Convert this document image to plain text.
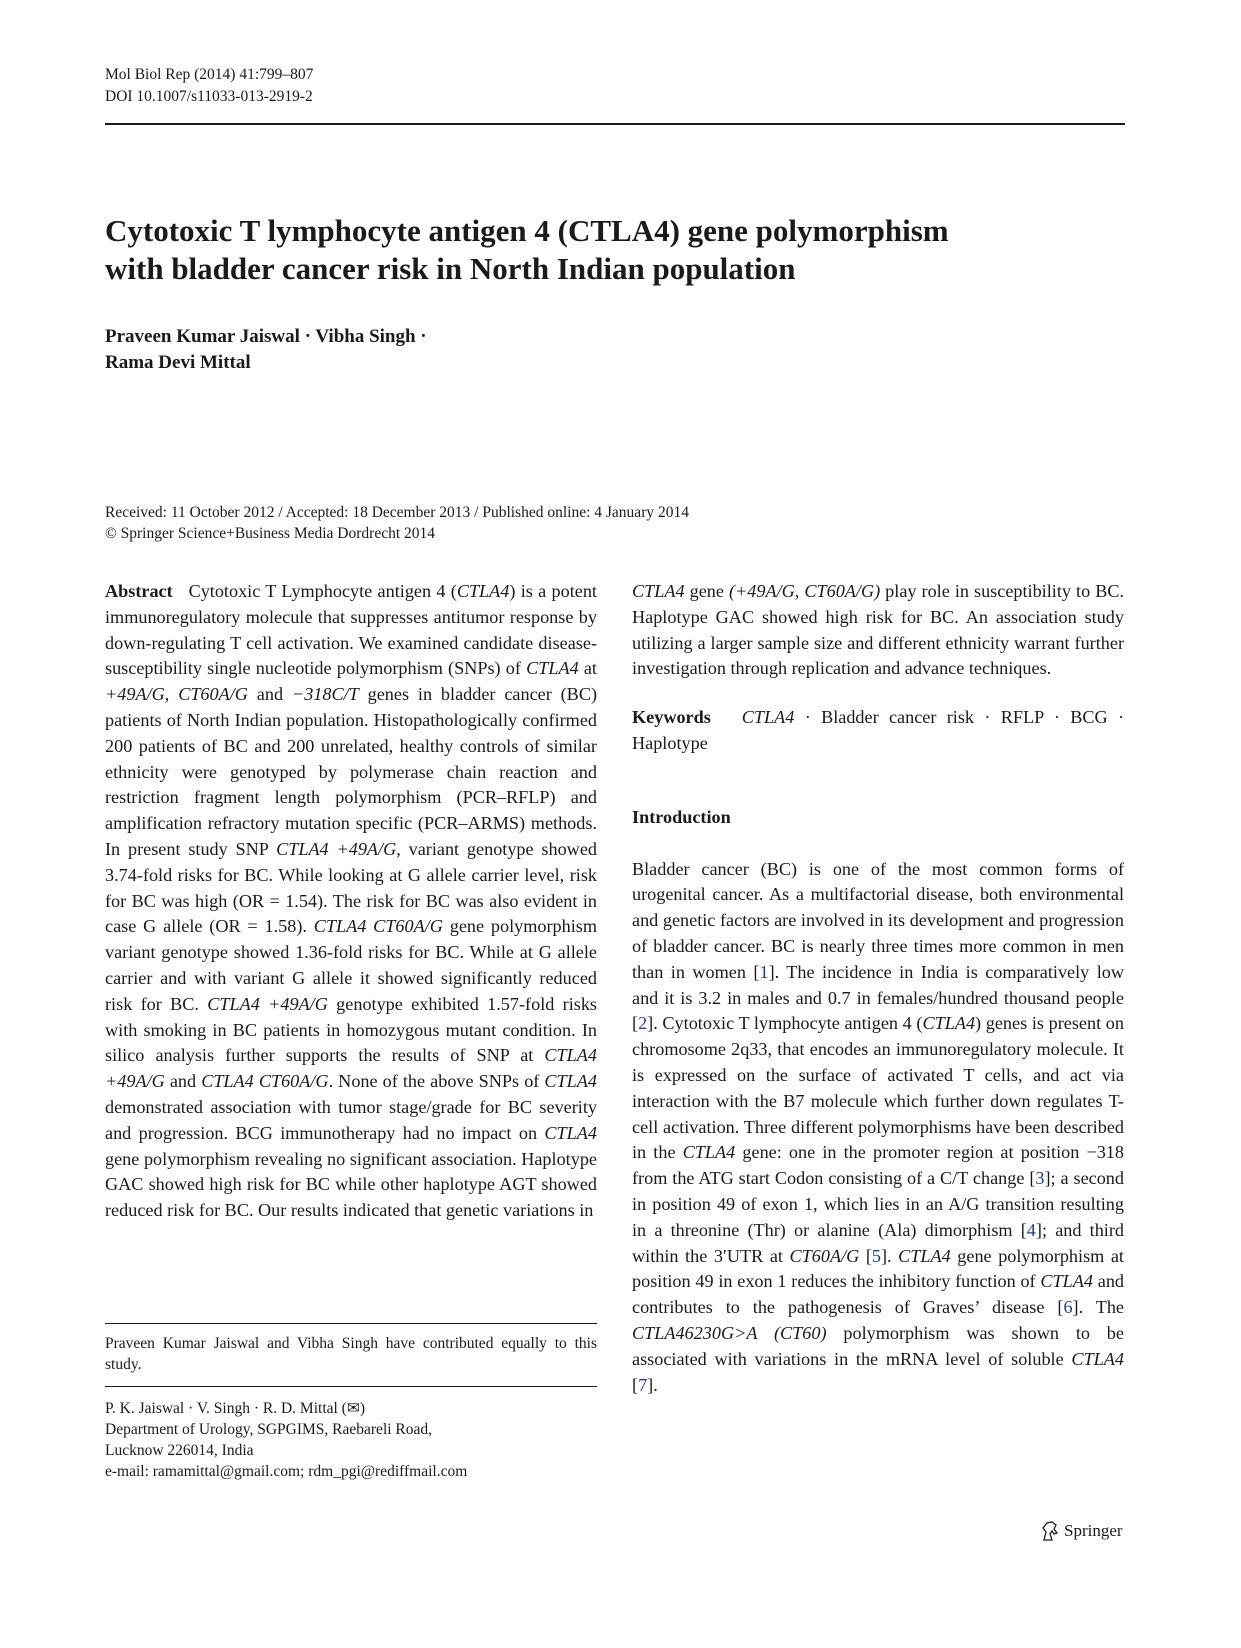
Mol Biol Rep (2014) 41:799–807
DOI 10.1007/s11033-013-2919-2
Cytotoxic T lymphocyte antigen 4 (CTLA4) gene polymorphism
with bladder cancer risk in North Indian population
Praveen Kumar Jaiswal · Vibha Singh ·
Rama Devi Mittal
Received: 11 October 2012 / Accepted: 18 December 2013 / Published online: 4 January 2014
© Springer Science+Business Media Dordrecht 2014

Abstract Cytotoxic T Lymphocyte antigen 4 (CTLA4) is a potent immunoregulatory molecule that suppresses antitumor response by down-regulating T cell activation. We examined candidate disease-susceptibility single nucleotide polymorphism (SNPs) of CTLA4 at +49A/G, CT60A/G and −318C/T genes in bladder cancer (BC) patients of North Indian population. Histopathologically confirmed 200 patients of BC and 200 unrelated, healthy controls of similar ethnicity were genotyped by polymerase chain reaction and restriction fragment length polymorphism (PCR–RFLP) and amplification refractory mutation specific (PCR–ARMS) methods. In present study SNP CTLA4 +49A/G, variant genotype showed 3.74-fold risks for BC. While looking at G allele carrier level, risk for BC was high (OR = 1.54). The risk for BC was also evident in case G allele (OR = 1.58). CTLA4 CT60A/G gene polymorphism variant genotype showed 1.36-fold risks for BC. While at G allele carrier and with variant G allele it showed significantly reduced risk for BC. CTLA4 +49A/G genotype exhibited 1.57-fold risks with smoking in BC patients in homozygous mutant condition. In silico analysis further supports the results of SNP at CTLA4 +49A/G and CTLA4 CT60A/G. None of the above SNPs of CTLA4 demonstrated association with tumor stage/grade for BC severity and progression. BCG immunotherapy had no impact on CTLA4 gene polymorphism revealing no significant association. Haplotype GAC showed high risk for BC while other haplotype AGT showed reduced risk for BC. Our results indicated that genetic variations in

CTLA4 gene (+49A/G, CT60A/G) play role in susceptibility to BC. Haplotype GAC showed high risk for BC. An association study utilizing a larger sample size and different ethnicity warrant further investigation through replication and advance techniques.

Keywords CTLA4 · Bladder cancer risk · RFLP · BCG · Haplotype

Introduction

Bladder cancer (BC) is one of the most common forms of urogenital cancer. As a multifactorial disease, both environmental and genetic factors are involved in its development and progression of bladder cancer. BC is nearly three times more common in men than in women [1]. The incidence in India is comparatively low and it is 3.2 in males and 0.7 in females/hundred thousand people [2]. Cytotoxic T lymphocyte antigen 4 (CTLA4) genes is present on chromosome 2q33, that encodes an immunoregulatory molecule. It is expressed on the surface of activated T cells, and act via interaction with the B7 molecule which further down regulates T-cell activation. Three different polymorphisms have been described in the CTLA4 gene: one in the promoter region at position −318 from the ATG start Codon consisting of a C/T change [3]; a second in position 49 of exon 1, which lies in an A/G transition resulting in a threonine (Thr) or alanine (Ala) dimorphism [4]; and third within the 3′UTR at CT60A/G [5]. CTLA4 gene polymorphism at position 49 in exon 1 reduces the inhibitory function of CTLA4 and contributes to the pathogenesis of Graves’ disease [6]. The CTLA46230G>A (CT60) polymorphism was shown to be associated with variations in the mRNA level of soluble CTLA4 [7].

Praveen Kumar Jaiswal and Vibha Singh have contributed equally to this study.
P. K. Jaiswal · V. Singh · R. D. Mittal (✉)
Department of Urology, SGPGIMS, Raebareli Road,
Lucknow 226014, India
e-mail: ramamittal@gmail.com; rdm_pgi@rediffmail.com
Springer
